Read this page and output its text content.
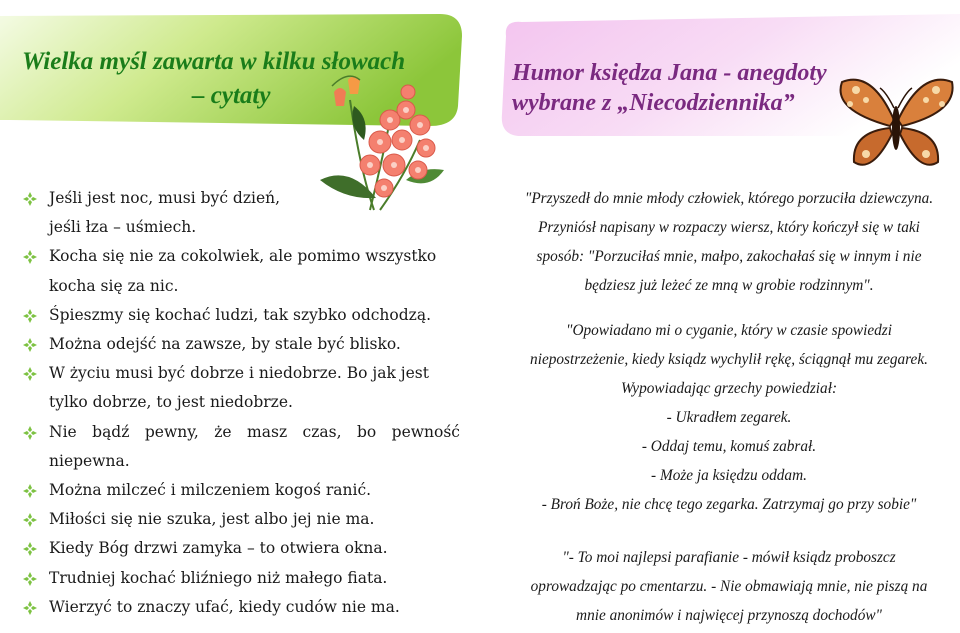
Wielka myśl zawarta w kilku słowach
– cytaty
Humor księdza Jana - anegdoty
wybrane z „Niecodziennika”
Jeśli jest noc, musi być dzień,
jeśli łza – uśmiech.
Kocha się nie za cokolwiek, ale pomimo wszystko
kocha się za nic.
Śpieszmy się kochać ludzi, tak szybko odchodzą.
Można odejść na zawsze, by stale być blisko.
W życiu musi być dobrze i niedobrze. Bo jak jest
tylko dobrze, to jest niedobrze.
Nie bądź pewny, że masz czas, bo pewność
niepewna.
Można milczeć i milczeniem kogoś ranić.
Miłości się nie szuka, jest albo jej nie ma.
Kiedy Bóg drzwi zamyka – to otwiera okna.
Trudniej kochać bliźniego niż małego fiata.
Wierzyć to znaczy ufać, kiedy cudów nie ma.

"Przyszedł do mnie młody człowiek, którego porzuciła dziewczyna.

Przyniósł napisany w rozpaczy wiersz, który kończył się w taki

sposób: "Porzuciłaś mnie, małpo, zakochałaś się w innym i nie

będziesz już leżeć ze mną w grobie rodzinnym".

"Opowiadano mi o cyganie, który w czasie spowiedzi

niepostrzeżenie, kiedy ksiądz wychylił rękę, ściągnął mu zegarek.

Wypowiadając grzechy powiedział:

- Ukradłem zegarek.

- Oddaj temu, komuś zabrał.

- Może ja księdzu oddam.

- Broń Boże, nie chcę tego zegarka. Zatrzymaj go przy sobie"

"- To moi najlepsi parafianie - mówił ksiądz proboszcz

oprowadzając po cmentarzu. - Nie obmawiają mnie, nie piszą na

mnie anonimów i najwięcej przynoszą dochodów"
